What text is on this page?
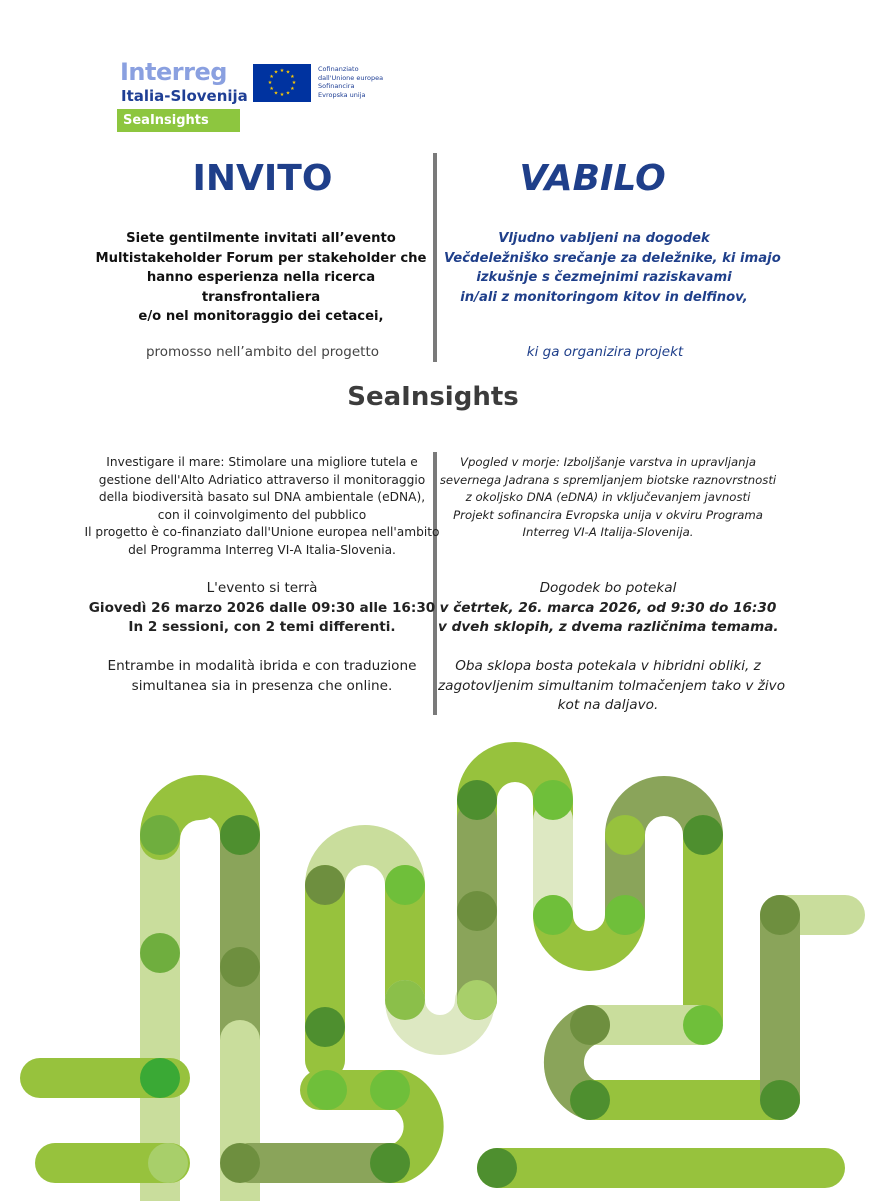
Interreg
Italia-Slovenija
SeaInsights
★ ★
★
★
★
★
★
★
★
★
★
★	Cofinanziato
dall'Unione europea
Sofinancira
Evropska unija
INVITO	VABILO
Siete gentilmente invitati all’evento
Multistakeholder Forum per stakeholder che
hanno esperienza nella ricerca
transfrontaliera
e/o nel monitoraggio dei cetacei,
Vljudno vabljeni na dogodek
Večdeležniško srečanje za deležnike, ki imajo
izkušnje s čezmejnimi raziskavami
in/ali z monitoringom kitov in delfinov,
promosso nell’ambito del progetto	ki ga organizira projekt
SeaInsights
Investigare il mare: Stimolare una migliore tutela e
gestione dell'Alto Adriatico attraverso il monitoraggio
della biodiversità basato sul DNA ambientale (eDNA),
con il coinvolgimento del pubblico
Il progetto è co-finanziato dall'Unione europea nell'ambito
del Programma Interreg VI-A Italia-Slovenia.
Vpogled v morje: Izboljšanje varstva in upravljanja
severnega Jadrana s spremljanjem biotske raznovrstnosti
z okoljsko DNA (eDNA) in vključevanjem javnosti
Projekt sofinancira Evropska unija v okviru Programa
Interreg VI-A Italija-Slovenija.
L'evento si terrà
Giovedì 26 marzo 2026 dalle 09:30 alle 16:30
In 2 sessioni, con 2 temi differenti.
Dogodek bo potekal
v četrtek, 26. marca 2026, od 9:30 do 16:30
v dveh sklopih, z dvema različnima temama.
Entrambe in modalità ibrida e con traduzione
simultanea sia in presenza che online.
Oba sklopa bosta potekala v hibridni obliki, z
zagotovljenim simultanim tolmačenjem tako v živo
kot na daljavo.
